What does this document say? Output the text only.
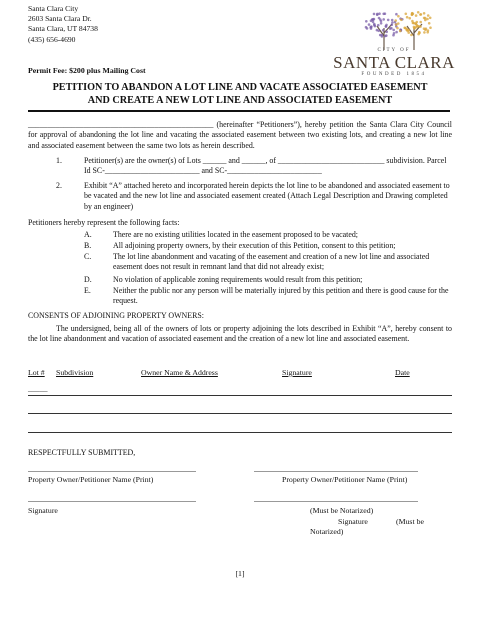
Santa Clara City
2603 Santa Clara Dr.
Santa Clara, UT 84738
(435) 656-4690
Permit Fee: $200 plus Mailing Cost
CITY OF
SANTA CLARA
FOUNDED 1854
PETITION TO ABANDON A LOT LINE AND VACATE ASSOCIATED EASEMENT
AND CREATE A NEW LOT LINE AND ASSOCIATED EASEMENT
_______________________________________________ (hereinafter “Petitioners”), hereby petition the Santa Clara City Council for approval of abandoning the lot line and vacating the associated easement between two existing lots, and creating a new lot line and associated easement between the same two lots as herein described.
1.	Petitioner(s) are the owner(s) of Lots ______ and ______, of ___________________________ subdivision. Parcel Id SC-________________________ and SC-________________________
2.	Exhibit “A” attached hereto and incorporated herein depicts the lot line to be abandoned and associated easement to be vacated and the new lot line and associated easement created (Attach Legal Description and Drawing completed by an engineer)
Petitioners hereby represent the following facts:
A.	There are no existing utilities located in the easement proposed to be vacated;
B.	All adjoining property owners, by their execution of this Petition, consent to this petition;
C.	The lot line abandonment and vacating of the easement and creation of a new lot line and associated easement does not result in remnant land that did not already exist;
D.	No violation of applicable zoning requirements would result from this petition;
E.	Neither the public nor any person will be materially injured by this petition and there is good cause for the request.
CONSENTS OF ADJOINING PROPERTY OWNERS:
The undersigned, being all of the owners of lots or property adjoining the lots described in Exhibit “A”, hereby consent to the lot line abandonment and vacation of associated easement and the creation of a new lot line and associated easement.
Lot # Subdivision	Owner Name & Address	Signature	Date
_____
RESPECTFULLY SUBMITTED,
Property Owner/Petitioner Name (Print)	Property Owner/Petitioner Name (Print)
Signature	(Must be Notarized)
Signature	(Must be
Notarized)
[1]
